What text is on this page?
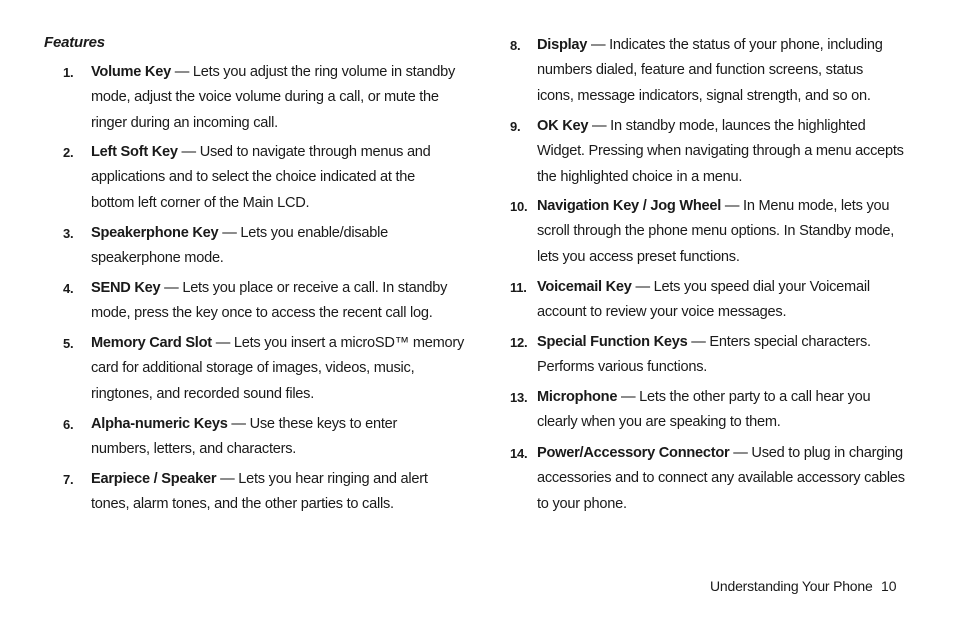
Features
1. Volume Key — Lets you adjust the ring volume in standby
mode, adjust the voice volume during a call, or mute the
ringer during an incoming call.
2. Left Soft Key — Used to navigate through menus and
applications and to select the choice indicated at the
bottom left corner of the Main LCD.
3. Speakerphone Key — Lets you enable/disable
speakerphone mode.
4. SEND Key — Lets you place or receive a call. In standby
mode, press the key once to access the recent call log.
5. Memory Card Slot — Lets you insert a microSD™ memory
card for additional storage of images, videos, music,
ringtones, and recorded sound files.
6. Alpha-numeric Keys — Use these keys to enter
numbers, letters, and characters.
7. Earpiece / Speaker — Lets you hear ringing and alert
tones, alarm tones, and the other parties to calls.
8. Display — Indicates the status of your phone, including
numbers dialed, feature and function screens, status
icons, message indicators, signal strength, and so on.
9. OK Key — In standby mode, launces the highlighted
Widget. Pressing when navigating through a menu accepts
the highlighted choice in a menu.
10. Navigation Key / Jog Wheel — In Menu mode, lets you
scroll through the phone menu options. In Standby mode,
lets you access preset functions.
11. Voicemail Key — Lets you speed dial your Voicemail
account to review your voice messages.
12. Special Function Keys — Enters special characters.
Performs various functions.
13. Microphone — Lets the other party to a call hear you
clearly when you are speaking to them.
14. Power/Accessory Connector — Used to plug in charging
accessories and to connect any available accessory cables
to your phone.
Understanding Your Phone 10
